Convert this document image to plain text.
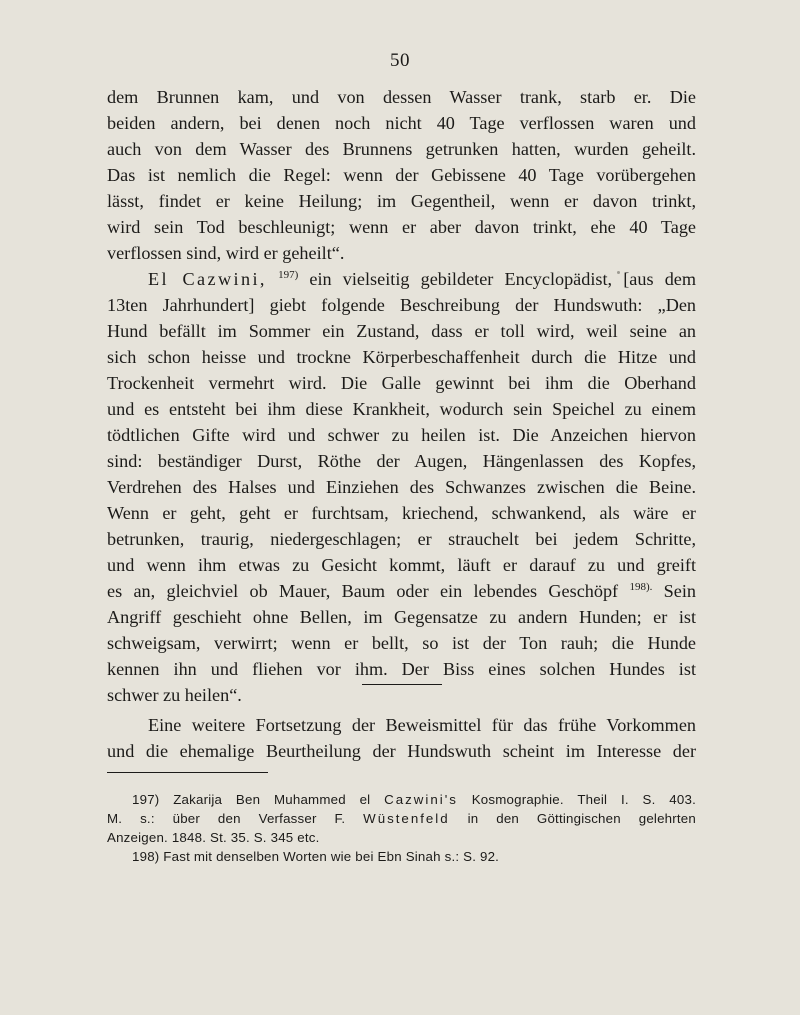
50
dem Brunnen kam, und von dessen Wasser trank, starb er. Die
beiden andern, bei denen noch nicht 40 Tage verflossen waren und
auch von dem Wasser des Brunnens getrunken hatten, wurden geheilt.
Das ist nemlich die Regel: wenn der Gebissene 40 Tage vorübergehen
lässt, findet er keine Heilung; im Gegentheil, wenn er davon trinkt,
wird sein Tod beschleunigt; wenn er aber davon trinkt, ehe 40 Tage
verflossen sind, wird er geheilt“.
El Cazwini, $^{197)}$ ein vielseitig gebildeter Encyclopädist, [aus dem
13ten Jahrhundert] giebt folgende Beschreibung der Hundswuth: „Den
Hund befällt im Sommer ein Zustand, dass er toll wird, weil seine an
sich schon heisse und trockne Körperbeschaffenheit durch die Hitze und
Trockenheit vermehrt wird. Die Galle gewinnt bei ihm die Oberhand
und es entsteht bei ihm diese Krankheit, wodurch sein Speichel zu einem
tödtlichen Gifte wird und schwer zu heilen ist. Die Anzeichen hiervon
sind: beständiger Durst, Röthe der Augen, Hängenlassen des Kopfes,
Verdrehen des Halses und Einziehen des Schwanzes zwischen die Beine.
Wenn er geht, geht er furchtsam, kriechend, schwankend, als wäre er
betrunken, traurig, niedergeschlagen; er strauchelt bei jedem Schritte,
und wenn ihm etwas zu Gesicht kommt, läuft er darauf zu und greift
es an, gleichviel ob Mauer, Baum oder ein lebendes Geschöpf $^{198).}$ Sein
Angriff geschieht ohne Bellen, im Gegensatze zu andern Hunden; er ist
schweigsam, verwirrt; wenn er bellt, so ist der Ton rauh; die Hunde
kennen ihn und fliehen vor ihm. Der Biss eines solchen Hundes ist
schwer zu heilen“.
Eine weitere Fortsetzung der Beweismittel für das frühe Vorkommen
und die ehemalige Beurtheilung der Hundswuth scheint im Interesse der
197) Zakarija Ben Muhammed el Cazwini's Kosmographie. Theil I. S. 403.
M. s.: über den Verfasser F. Wüstenfeld in den Göttingischen gelehrten
Anzeigen. 1848. St. 35. S. 345 etc.
198) Fast mit denselben Worten wie bei Ebn Sinah s.: S. 92.
